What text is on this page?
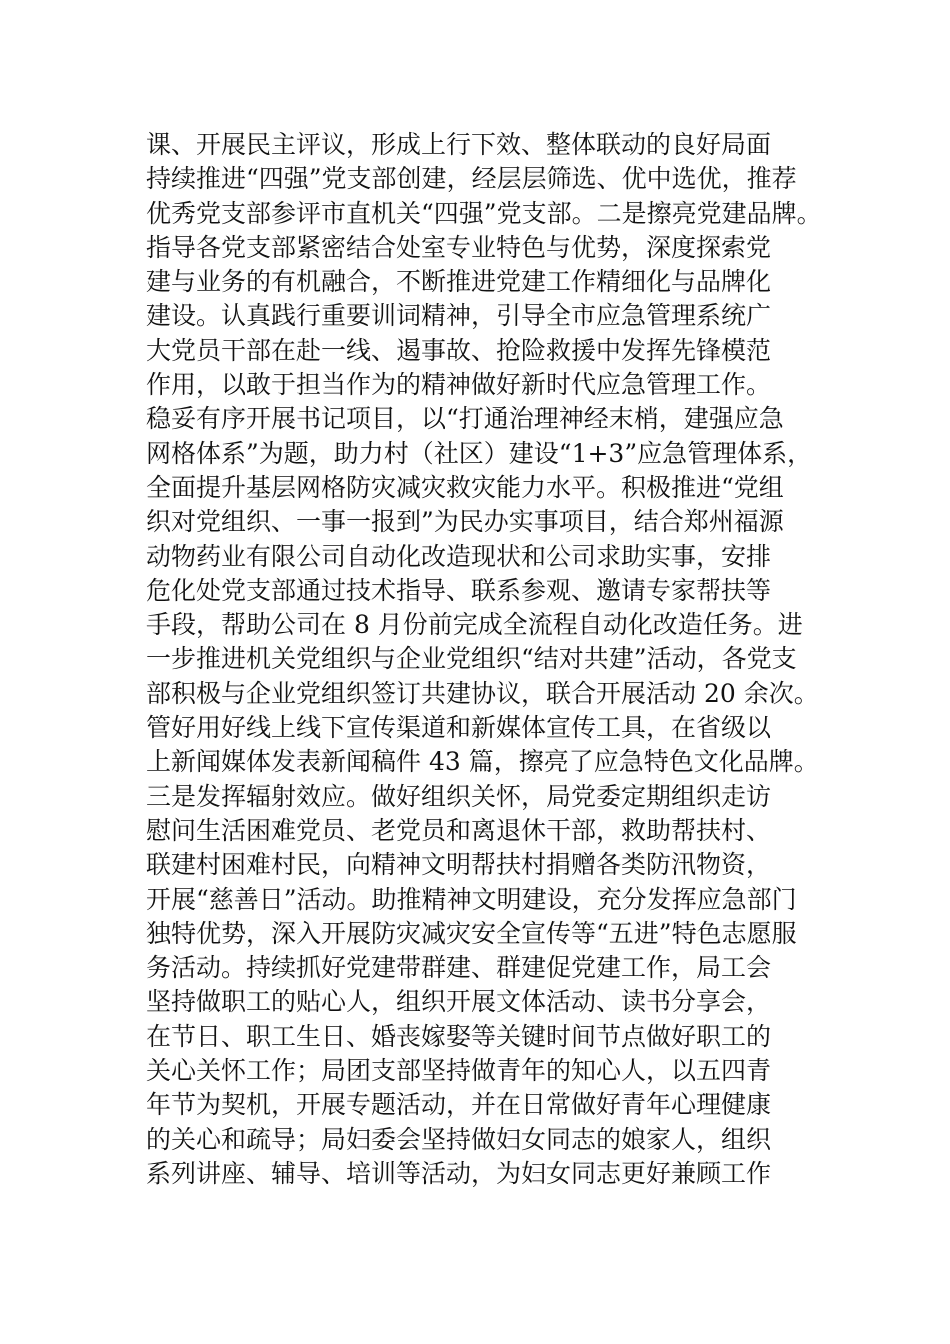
课、开展民主评议，形成上行下效、整体联动的良好局面
持续推进“四强”党支部创建，经层层筛选、优中选优，推荐
优秀党支部参评市直机关“四强”党支部。二是擦亮党建品牌。
指导各党支部紧密结合处室专业特色与优势，深度探索党
建与业务的有机融合，不断推进党建工作精细化与品牌化
建设。认真践行重要训词精神，引导全市应急管理系统广
大党员干部在赴一线、遏事故、抢险救援中发挥先锋模范
作用，以敢于担当作为的精神做好新时代应急管理工作。
稳妥有序开展书记项目，以“打通治理神经末梢，建强应急
网格体系”为题，助力村（社区）建设“1+3”应急管理体系，
全面提升基层网格防灾减灾救灾能力水平。积极推进“党组
织对党组织、一事一报到”为民办实事项目，结合郑州福源
动物药业有限公司自动化改造现状和公司求助实事，安排
危化处党支部通过技术指导、联系参观、邀请专家帮扶等
手段，帮助公司在 8 月份前完成全流程自动化改造任务。进
一步推进机关党组织与企业党组织“结对共建”活动，各党支
部积极与企业党组织签订共建协议，联合开展活动 20 余次。
管好用好线上线下宣传渠道和新媒体宣传工具，在省级以
上新闻媒体发表新闻稿件 43 篇，擦亮了应急特色文化品牌。
三是发挥辐射效应。做好组织关怀，局党委定期组织走访
慰问生活困难党员、老党员和离退休干部，救助帮扶村、
联建村困难村民，向精神文明帮扶村捐赠各类防汛物资，
开展“慈善日”活动。助推精神文明建设，充分发挥应急部门
独特优势，深入开展防灾减灾安全宣传等“五进”特色志愿服
务活动。持续抓好党建带群建、群建促党建工作，局工会
坚持做职工的贴心人，组织开展文体活动、读书分享会，
在节日、职工生日、婚丧嫁娶等关键时间节点做好职工的
关心关怀工作；局团支部坚持做青年的知心人，以五四青
年节为契机，开展专题活动，并在日常做好青年心理健康
的关心和疏导；局妇委会坚持做妇女同志的娘家人，组织
系列讲座、辅导、培训等活动，为妇女同志更好兼顾工作
